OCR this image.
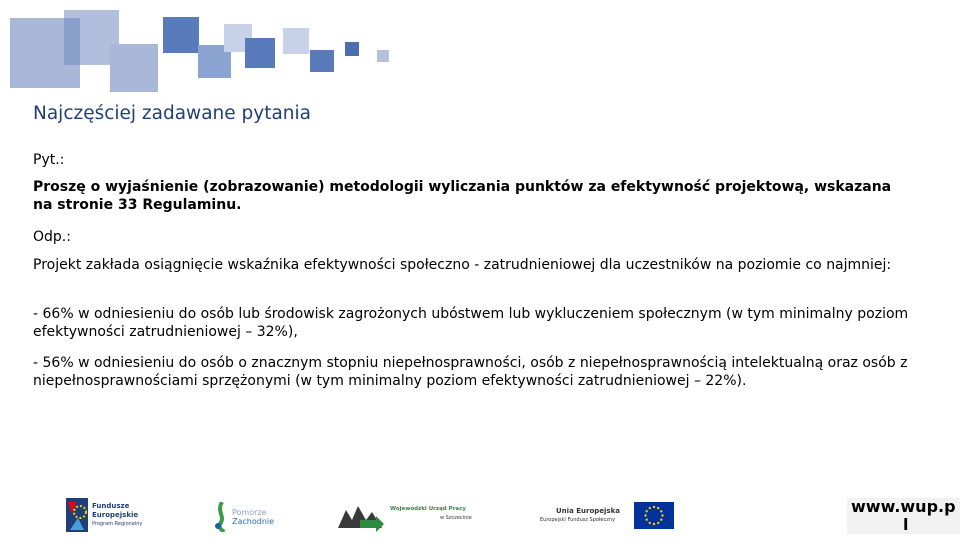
Najczęściej zadawane pytania
Pyt.:
Proszę o wyjaśnienie (zobrazowanie) metodologii wyliczania punktów za efektywność projektową, wskazana na stronie 33 Regulaminu.
Odp.:
Projekt zakłada osiągnięcie wskaźnika efektywności społeczno - zatrudnieniowej dla uczestników na poziomie co najmniej:
- 66% w odniesieniu do osób lub środowisk zagrożonych ubóstwem lub wykluczeniem społecznym (w tym minimalny poziom efektywności zatrudnieniowej – 32%),
- 56% w odniesieniu do osób o znacznym stopniu niepełnosprawności, osób z niepełnosprawnością intelektualną oraz osób z niepełnosprawnościami sprzężonymi (w tym minimalny poziom efektywności zatrudnieniowej – 22%).
Fundusze
Europejskie
Program Regionalny
Pomorze
Zachodnie
Wojewódzki Urząd Pracy
w Szczecinie
Unia Europejska
Europejski Fundusz Społeczny
www.wup.p
l
